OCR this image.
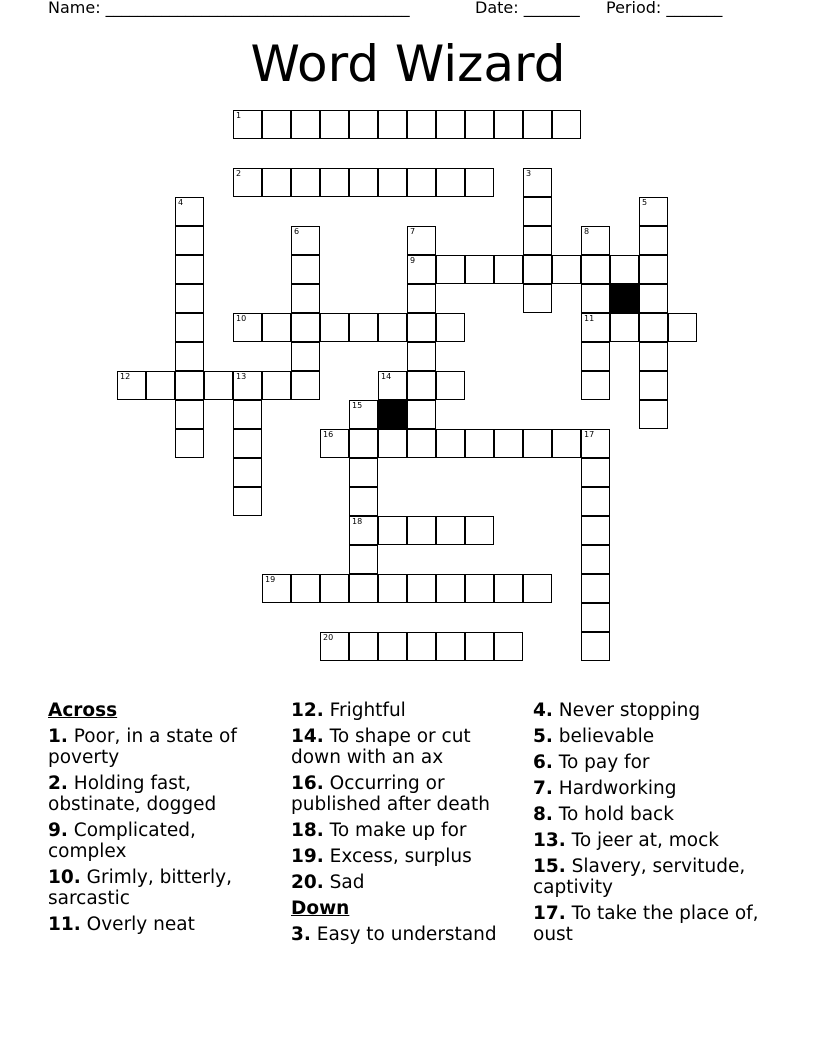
Name: ______________________________________	Date: _______ Period: _______
Word Wizard
1
2
9
10	11
12	13	14
16	17
18
19
20
3
4	5
6	7	8
15
Across
1. Poor, in a state of poverty
2. Holding fast, obstinate, dogged
9. Complicated, complex
10. Grimly, bitterly, sarcastic
11. Overly neat
12. Frightful
14. To shape or cut down with an ax
16. Occurring or published after death
18. To make up for
19. Excess, surplus
20. Sad
Down
3. Easy to understand
4. Never stopping
5. believable
6. To pay for
7. Hardworking
8. To hold back
13. To jeer at, mock
15. Slavery, servitude, captivity
17. To take the place of, oust
